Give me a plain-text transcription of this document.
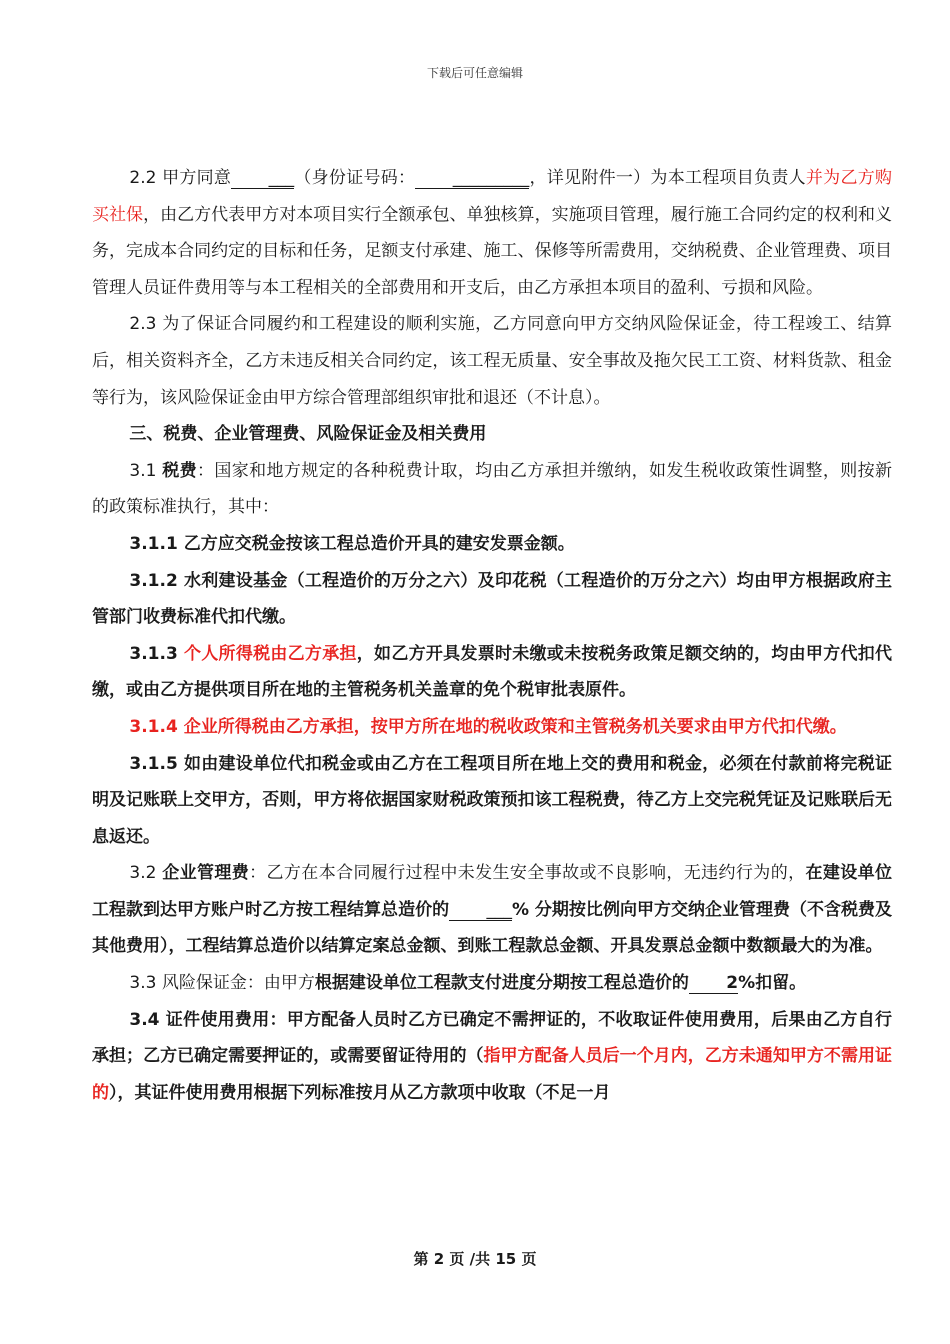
下载后可任意编辑

2.2 甲方同意 ___（身份证号码： _________，详见附件一）为本工程项目负责人并为乙方购买社保，由乙方代表甲方对本项目实行全额承包、单独核算，实施项目管理，履行施工合同约定的权利和义务，完成本合同约定的目标和任务，足额支付承建、施工、保修等所需费用，交纳税费、企业管理费、项目管理人员证件费用等与本工程相关的全部费用和开支后，由乙方承担本项目的盈利、亏损和风险。

2.3 为了保证合同履约和工程建设的顺利实施，乙方同意向甲方交纳风险保证金，待工程竣工、结算后，相关资料齐全，乙方未违反相关合同约定，该工程无质量、安全事故及拖欠民工工资、材料货款、租金等行为，该风险保证金由甲方综合管理部组织审批和退还（不计息）。

三、税费、企业管理费、风险保证金及相关费用

3.1 税费：国家和地方规定的各种税费计取，均由乙方承担并缴纳，如发生税收政策性调整，则按新的政策标准执行，其中：

3.1.1 乙方应交税金按该工程总造价开具的建安发票金额。

3.1.2 水利建设基金（工程造价的万分之六）及印花税（工程造价的万分之六）均由甲方根据政府主管部门收费标准代扣代缴。

3.1.3 个人所得税由乙方承担，如乙方开具发票时未缴或未按税务政策足额交纳的，均由甲方代扣代缴，或由乙方提供项目所在地的主管税务机关盖章的免个税审批表原件。

3.1.4 企业所得税由乙方承担，按甲方所在地的税收政策和主管税务机关要求由甲方代扣代缴。

3.1.5 如由建设单位代扣税金或由乙方在工程项目所在地上交的费用和税金，必须在付款前将完税证明及记账联上交甲方，否则，甲方将依据国家财税政策预扣该工程税费，待乙方上交完税凭证及记账联后无息返还。

3.2 企业管理费：乙方在本合同履行过程中未发生安全事故或不良影响，无违约行为的，在建设单位工程款到达甲方账户时乙方按工程结算总造价的 ___% 分期按比例向甲方交纳企业管理费（不含税费及其他费用），工程结算总造价以结算定案总金额、到账工程款总金额、开具发票总金额中数额最大的为准。

3.3 风险保证金：由甲方根据建设单位工程款支付进度分期按工程总造价的 2%扣留。

3.4 证件使用费用：甲方配备人员时乙方已确定不需押证的，不收取证件使用费用，后果由乙方自行承担；乙方已确定需要押证的，或需要留证待用的（指甲方配备人员后一个月内，乙方未通知甲方不需用证的），其证件使用费用根据下列标准按月从乙方款项中收取（不足一月

第 2 页 /共 15 页
